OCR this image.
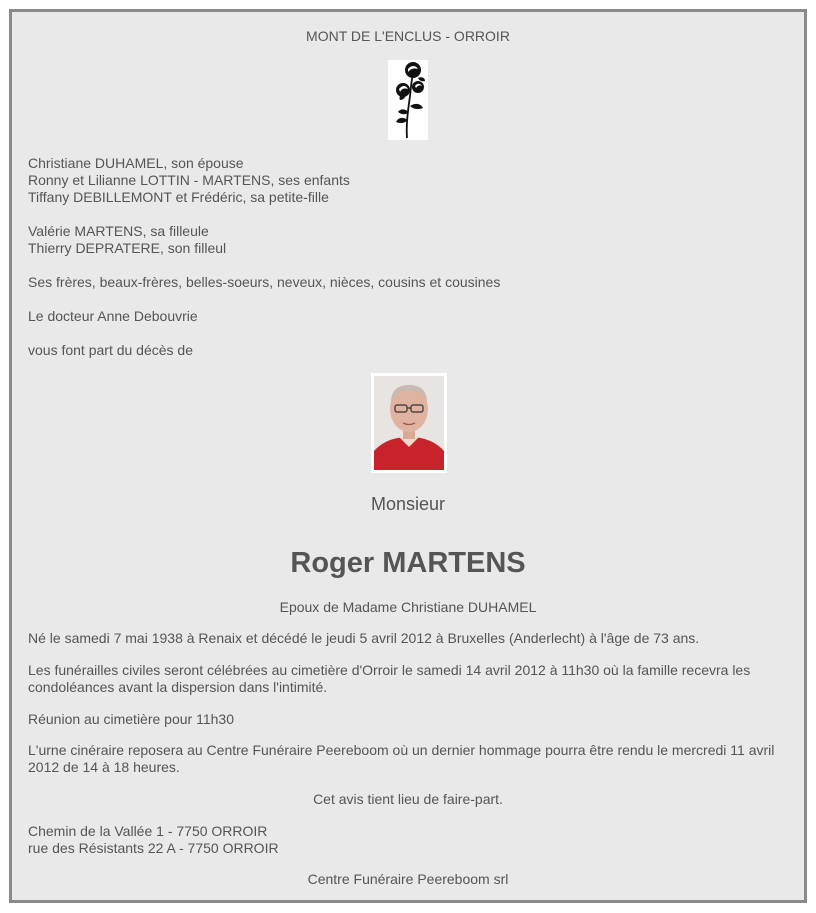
MONT DE L'ENCLUS - ORROIR

Christiane DUHAMEL, son épouse

Ronny et Lilianne LOTTIN - MARTENS, ses enfants

Tiffany DEBILLEMONT et Frédéric, sa petite-fille

Valérie MARTENS, sa filleule

Thierry DEPRATERE, son filleul

Ses frères, beaux-frères, belles-soeurs, neveux, nièces, cousins et cousines

Le docteur Anne Debouvrie

vous font part du décès de

Monsieur

Roger MARTENS

Epoux de Madame Christiane DUHAMEL

Né le samedi 7 mai 1938 à Renaix et décédé le jeudi 5 avril 2012 à Bruxelles (Anderlecht) à l'âge de 73 ans.

Les funérailles civiles seront célébrées au cimetière d'Orroir le samedi 14 avril 2012 à 11h30 où la famille recevra les condoléances avant la dispersion dans l'intimité.

Réunion au cimetière pour 11h30

L'urne cinéraire reposera au Centre Funéraire Peereboom où un dernier hommage pourra être rendu le mercredi 11 avril 2012 de 14 à 18 heures.

Cet avis tient lieu de faire-part.

Chemin de la Vallée 1 - 7750 ORROIR

rue des Résistants 22 A - 7750 ORROIR

Centre Funéraire Peereboom srl
